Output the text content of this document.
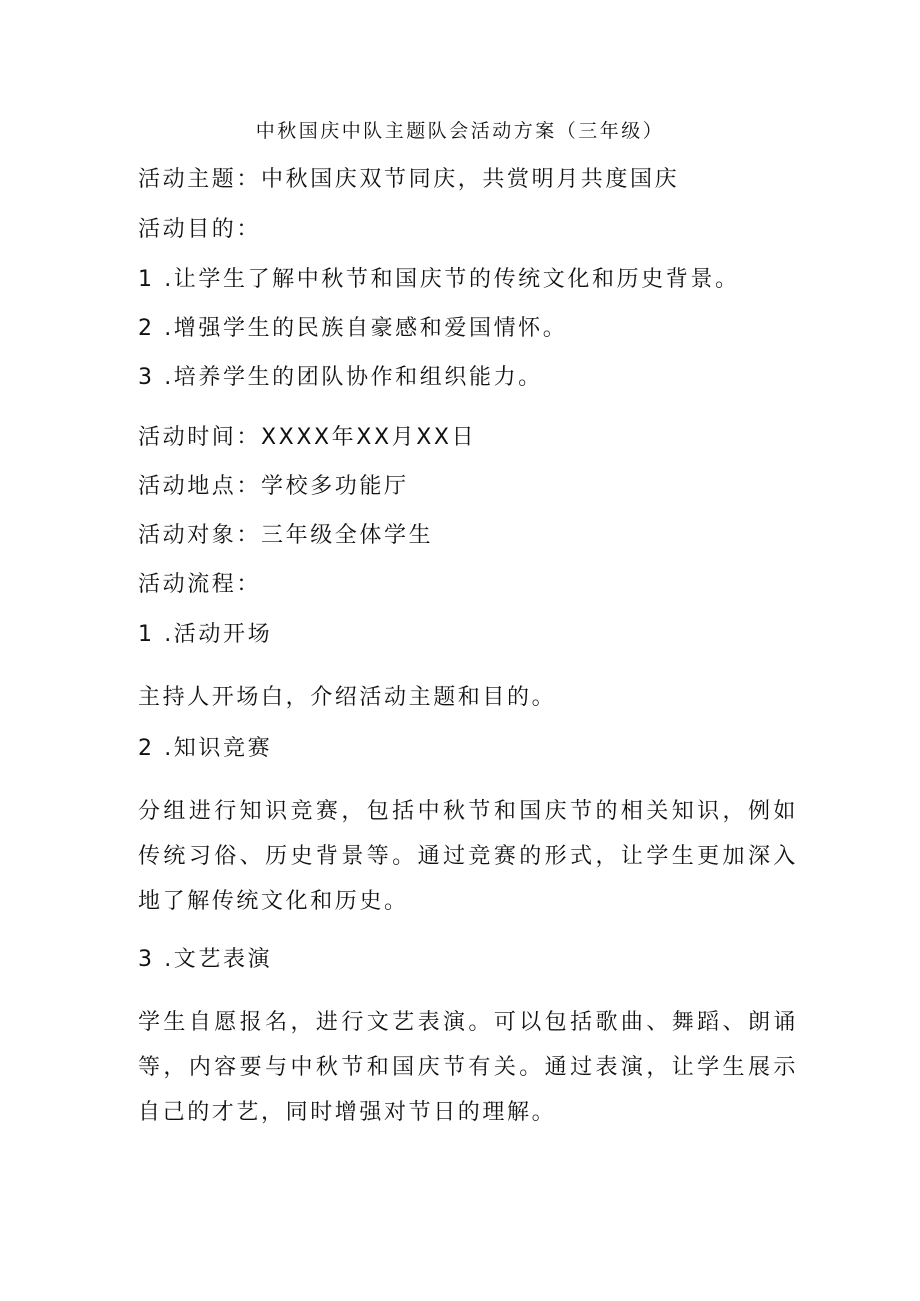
中秋国庆中队主题队会活动方案（三年级）
活动主题：中秋国庆双节同庆，共赏明月共度国庆
活动目的：
1 .让学生了解中秋节和国庆节的传统文化和历史背景。
2 .增强学生的民族自豪感和爱国情怀。
3 .培养学生的团队协作和组织能力。
活动时间：XXXX年XX月XX日
活动地点：学校多功能厅
活动对象：三年级全体学生
活动流程：
1 .活动开场
主持人开场白，介绍活动主题和目的。
2 .知识竞赛
分组进行知识竞赛，包括中秋节和国庆节的相关知识，例如传统习俗、历史背景等。通过竞赛的形式，让学生更加深入地了解传统文化和历史。
3 .文艺表演
学生自愿报名，进行文艺表演。可以包括歌曲、舞蹈、朗诵等，内容要与中秋节和国庆节有关。通过表演，让学生展示自己的才艺，同时增强对节日的理解。
